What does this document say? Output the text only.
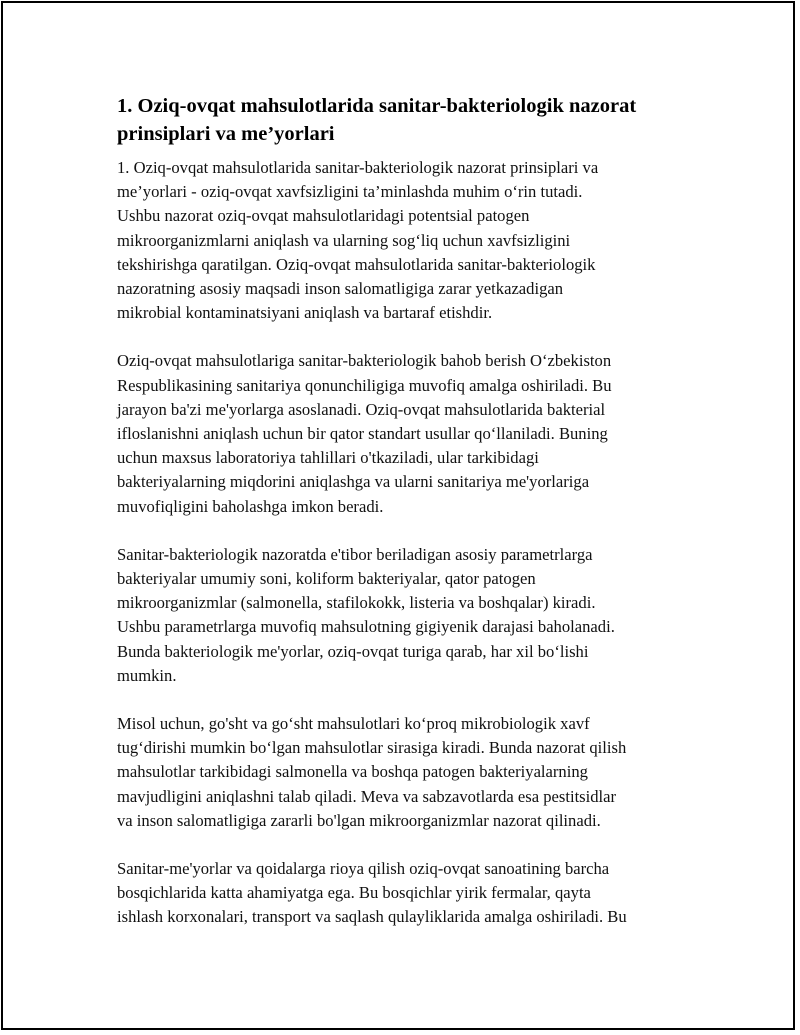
1. Oziq-ovqat mahsulotlarida sanitar-bakteriologik nazorat
prinsiplari va me’yorlari

1. Oziq-ovqat mahsulotlarida sanitar-bakteriologik nazorat prinsiplari va
me’yorlari - oziq-ovqat xavfsizligini ta’minlashda muhim oʻrin tutadi.
Ushbu nazorat oziq-ovqat mahsulotlaridagi potentsial patogen
mikroorganizmlarni aniqlash va ularning sogʻliq uchun xavfsizligini
tekshirishga qaratilgan. Oziq-ovqat mahsulotlarida sanitar-bakteriologik
nazoratning asosiy maqsadi inson salomatligiga zarar yetkazadigan
mikrobial kontaminatsiyani aniqlash va bartaraf etishdir.

Oziq-ovqat mahsulotlariga sanitar-bakteriologik bahob berish Oʻzbekiston
Respublikasining sanitariya qonunchiligiga muvofiq amalga oshiriladi. Bu
jarayon ba'zi me'yorlarga asoslanadi. Oziq-ovqat mahsulotlarida bakterial
ifloslanishni aniqlash uchun bir qator standart usullar qoʻllaniladi. Buning
uchun maxsus laboratoriya tahlillari o'tkaziladi, ular tarkibidagi
bakteriyalarning miqdorini aniqlashga va ularni sanitariya me'yorlariga
muvofiqligini baholashga imkon beradi.

Sanitar-bakteriologik nazoratda e'tibor beriladigan asosiy parametrlarga
bakteriyalar umumiy soni, koliform bakteriyalar, qator patogen
mikroorganizmlar (salmonella, stafilokokk, listeria va boshqalar) kiradi.
Ushbu parametrlarga muvofiq mahsulotning gigiyenik darajasi baholanadi.
Bunda bakteriologik me'yorlar, oziq-ovqat turiga qarab, har xil boʻlishi
mumkin.

Misol uchun, go'sht va goʻsht mahsulotlari koʻproq mikrobiologik xavf
tugʻdirishi mumkin boʻlgan mahsulotlar sirasiga kiradi. Bunda nazorat qilish
mahsulotlar tarkibidagi salmonella va boshqa patogen bakteriyalarning
mavjudligini aniqlashni talab qiladi. Meva va sabzavotlarda esa pestitsidlar
va inson salomatligiga zararli bo'lgan mikroorganizmlar nazorat qilinadi.

Sanitar-me'yorlar va qoidalarga rioya qilish oziq-ovqat sanoatining barcha
bosqichlarida katta ahamiyatga ega. Bu bosqichlar yirik fermalar, qayta
ishlash korxonalari, transport va saqlash qulayliklarida amalga oshiriladi. Bu
